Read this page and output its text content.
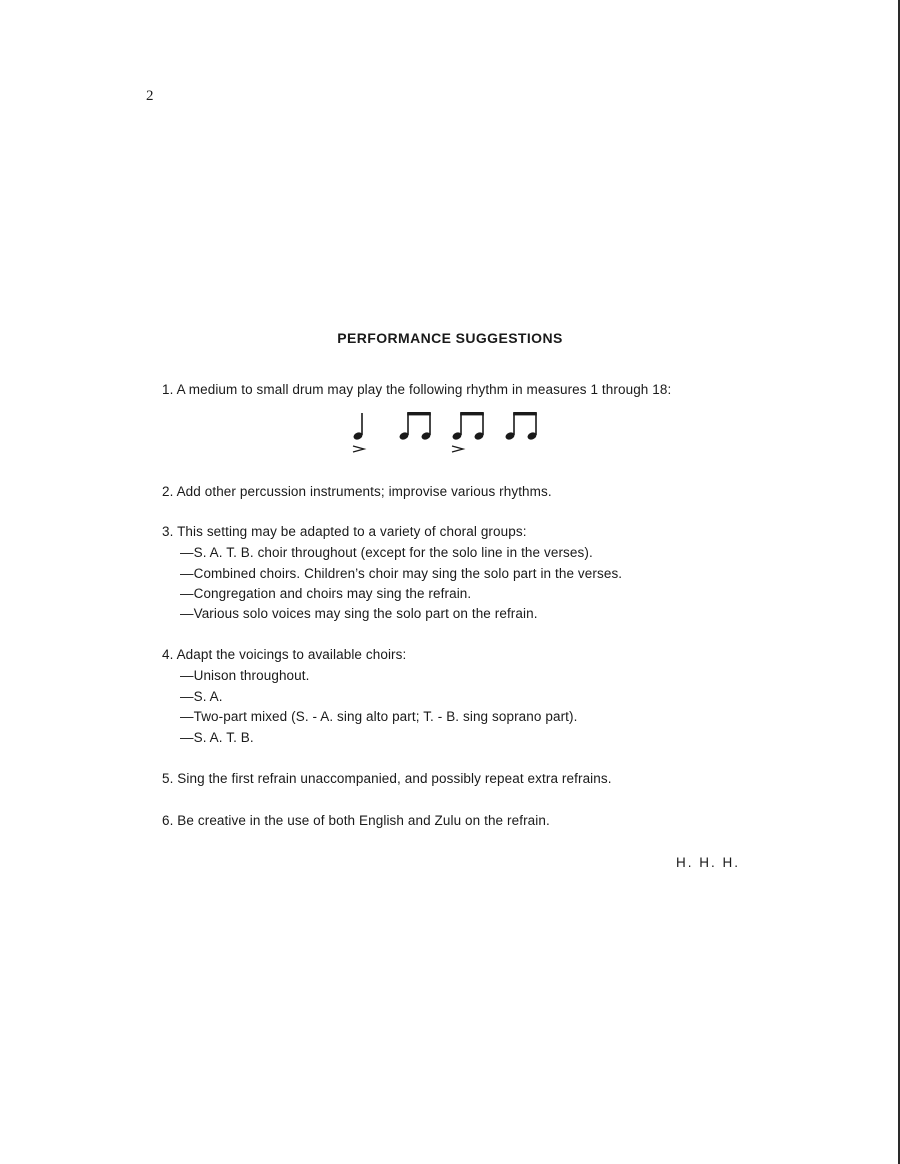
2
PERFORMANCE SUGGESTIONS
1. A medium to small drum may play the following rhythm in measures 1 through 18:
2. Add other percussion instruments; improvise various rhythms.
3. This setting may be adapted to a variety of choral groups:
—S. A. T. B. choir throughout (except for the solo line in the verses).
—Combined choirs. Children’s choir may sing the solo part in the verses.
—Congregation and choirs may sing the refrain.
—Various solo voices may sing the solo part on the refrain.
4. Adapt the voicings to available choirs:
—Unison throughout.
—S. A.
—Two-part mixed (S. - A. sing alto part; T. - B. sing soprano part).
—S. A. T. B.
5. Sing the first refrain unaccompanied, and possibly repeat extra refrains.
6. Be creative in the use of both English and Zulu on the refrain.
H. H. H.
